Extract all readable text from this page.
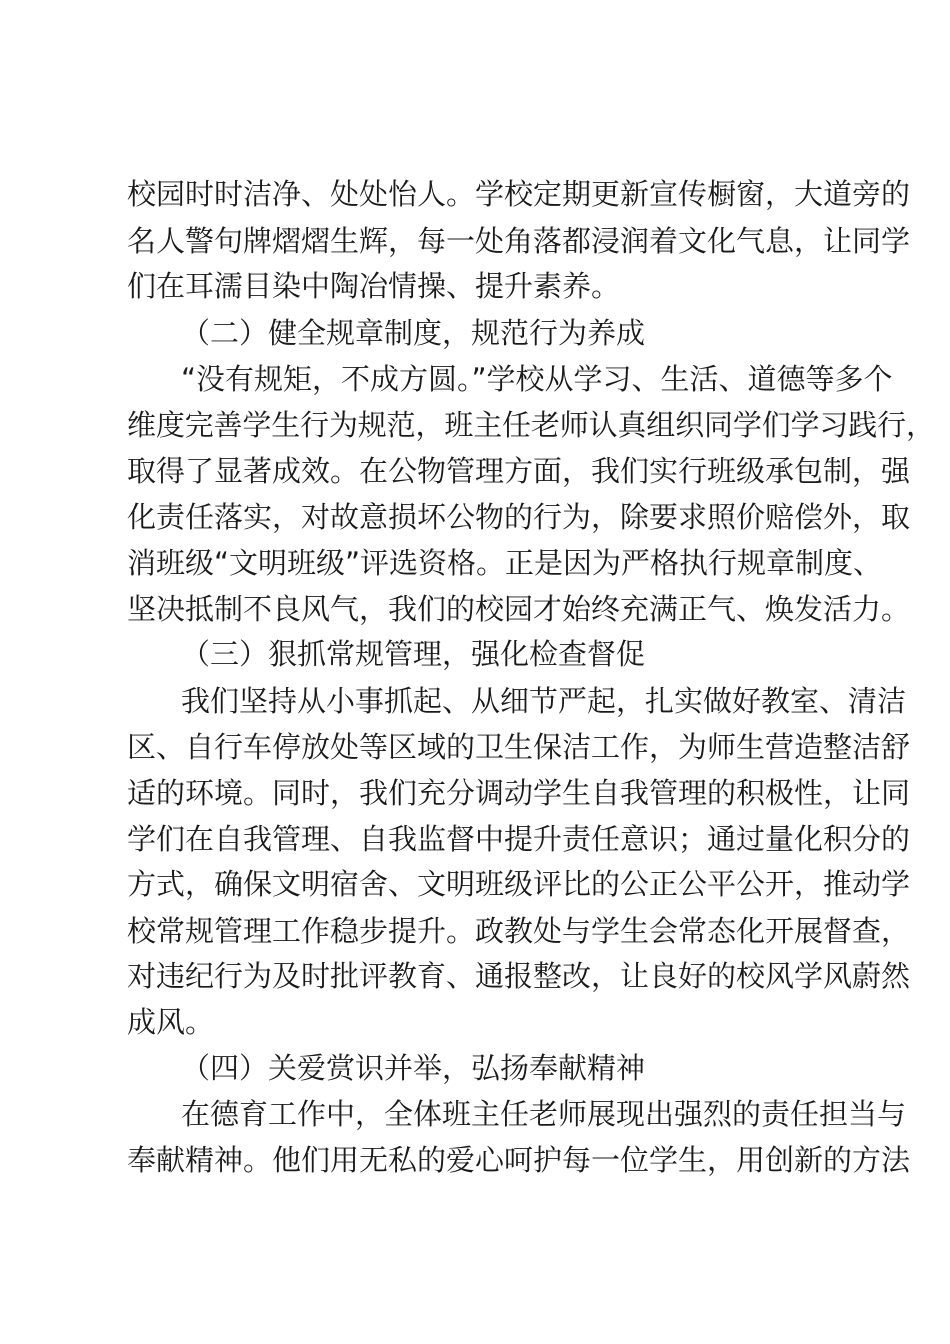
校园时时洁净、处处怡人。学校定期更新宣传橱窗，大道旁的
名人警句牌熠熠生辉，每一处角落都浸润着文化气息，让同学
们在耳濡目染中陶冶情操、提升素养。
（二）健全规章制度，规范行为养成
“没有规矩，不成方圆。”学校从学习、生活、道德等多个
维度完善学生行为规范，班主任老师认真组织同学们学习践行，
取得了显著成效。在公物管理方面，我们实行班级承包制，强
化责任落实，对故意损坏公物的行为，除要求照价赔偿外，取
消班级“文明班级”评选资格。正是因为严格执行规章制度、
坚决抵制不良风气，我们的校园才始终充满正气、焕发活力。
（三）狠抓常规管理，强化检查督促
我们坚持从小事抓起、从细节严起，扎实做好教室、清洁
区、自行车停放处等区域的卫生保洁工作，为师生营造整洁舒
适的环境。同时，我们充分调动学生自我管理的积极性，让同
学们在自我管理、自我监督中提升责任意识；通过量化积分的
方式，确保文明宿舍、文明班级评比的公正公平公开，推动学
校常规管理工作稳步提升。政教处与学生会常态化开展督查，
对违纪行为及时批评教育、通报整改，让良好的校风学风蔚然
成风。
（四）关爱赏识并举，弘扬奉献精神
在德育工作中，全体班主任老师展现出强烈的责任担当与
奉献精神。他们用无私的爱心呵护每一位学生，用创新的方法
